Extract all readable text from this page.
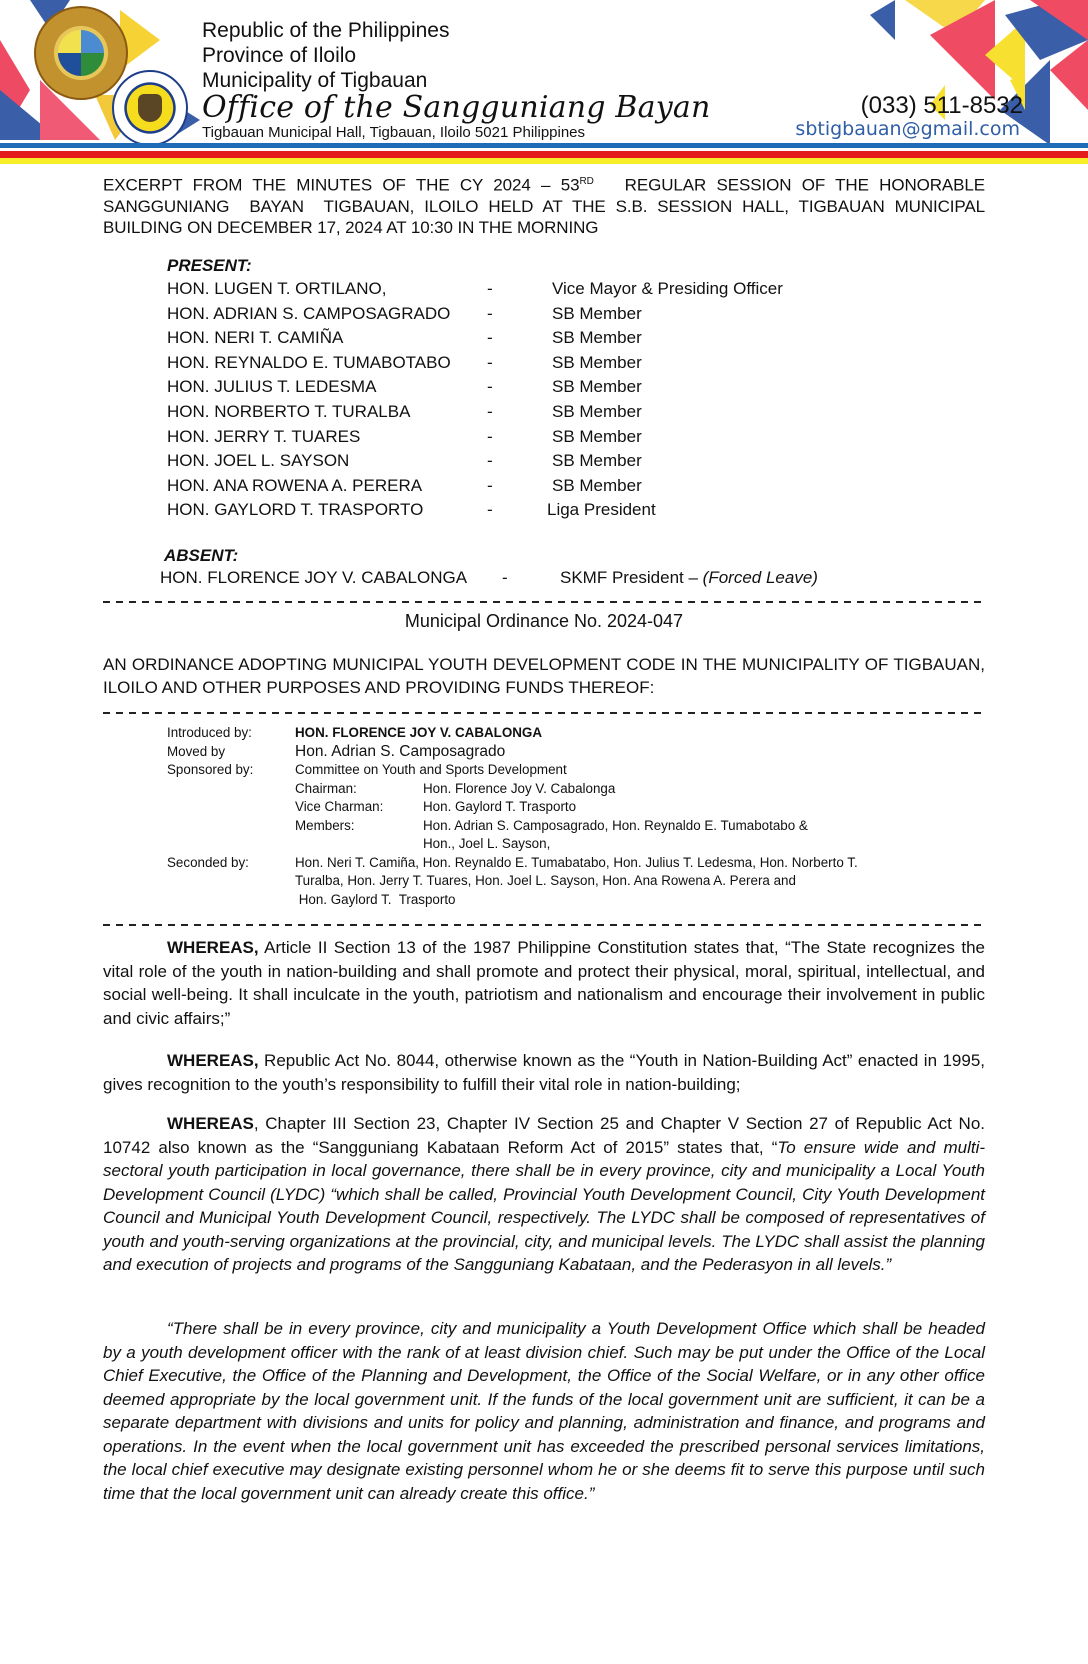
Republic of the Philippines
Province of Iloilo
Municipality of Tigbauan
Office of the Sangguniang Bayan
Tigbauan Municipal Hall, Tigbauan, Iloilo 5021 Philippines
(033) 511-8532
sbtigbauan@gmail.com
EXCERPT FROM THE MINUTES OF THE CY 2024 – 53RD   REGULAR SESSION OF THE HONORABLE SANGGUNIANG  BAYAN  TIGBAUAN, ILOILO HELD AT THE S.B. SESSION HALL, TIGBAUAN MUNICIPAL BUILDING ON DECEMBER 17, 2024 AT 10:30 IN THE MORNING
PRESENT:
HON. LUGEN T. ORTILANO,	-	Vice Mayor & Presiding Officer
HON. ADRIAN S. CAMPOSAGRADO -	SB Member
HON. NERI T. CAMIÑA	-	SB Member
HON. REYNALDO E. TUMABOTABO -	SB Member
HON. JULIUS T. LEDESMA	-	SB Member
HON. NORBERTO T. TURALBA	-	SB Member
HON. JERRY T. TUARES	-	SB Member
HON. JOEL L. SAYSON	-	SB Member
HON. ANA ROWENA A. PERERA	-	SB Member
HON. GAYLORD T. TRASPORTO	-	Liga President
ABSENT:
HON. FLORENCE JOY V. CABALONGA -	SKMF President – (Forced Leave)
Municipal Ordinance No. 2024-047
AN ORDINANCE ADOPTING MUNICIPAL YOUTH DEVELOPMENT CODE IN THE MUNICIPALITY OF TIGBAUAN, ILOILO AND OTHER PURPOSES AND PROVIDING FUNDS THEREOF:
Introduced by:	HON. FLORENCE JOY V. CABALONGA
Moved by	Hon. Adrian S. Camposagrado
Sponsored by:	Committee on Youth and Sports Development
Chairman:	Hon. Florence Joy V. Cabalonga
Vice Charman:	Hon. Gaylord T. Trasporto
Members:	Hon. Adrian S. Camposagrado, Hon. Reynaldo E. Tumabotabo &
Hon., Joel L. Sayson,
Seconded by:	Hon. Neri T. Camiña, Hon. Reynaldo E. Tumabatabo, Hon. Julius T. Ledesma, Hon. Norberto T.
Turalba, Hon. Jerry T. Tuares, Hon. Joel L. Sayson, Hon. Ana Rowena A. Perera and
Hon. Gaylord T.  Trasporto
WHEREAS, Article II Section 13 of the 1987 Philippine Constitution states that, “The State recognizes the vital role of the youth in nation-building and shall promote and protect their physical, moral, spiritual, intellectual, and social well-being. It shall inculcate in the youth, patriotism and nationalism and encourage their involvement in public and civic affairs;”
WHEREAS, Republic Act No. 8044, otherwise known as the “Youth in Nation-Building Act” enacted in 1995, gives recognition to the youth’s responsibility to fulfill their vital role in nation-building;
WHEREAS, Chapter III Section 23, Chapter IV Section 25 and Chapter V Section 27 of Republic Act No. 10742 also known as the “Sangguniang Kabataan Reform Act of 2015” states that, “To ensure wide and multi-sectoral youth participation in local governance, there shall be in every province, city and municipality a Local Youth Development Council (LYDC) “which shall be called, Provincial Youth Development Council, City Youth Development Council and Municipal Youth Development Council, respectively. The LYDC shall be composed of representatives of youth and youth-serving organizations at the provincial, city, and municipal levels. The LYDC shall assist the planning and execution of projects and programs of the Sangguniang Kabataan, and the Pederasyon in all levels.”
“There shall be in every province, city and municipality a Youth Development Office which shall be headed by a youth development officer with the rank of at least division chief. Such may be put under the Office of the Local Chief Executive, the Office of the Planning and Development, the Office of the Social Welfare, or in any other office deemed appropriate by the local government unit. If the funds of the local government unit are sufficient, it can be a separate department with divisions and units for policy and planning, administration and finance, and programs and operations. In the event when the local government unit has exceeded the prescribed personal services limitations, the local chief executive may designate existing personnel whom he or she deems fit to serve this purpose until such time that the local government unit can already create this office.”
